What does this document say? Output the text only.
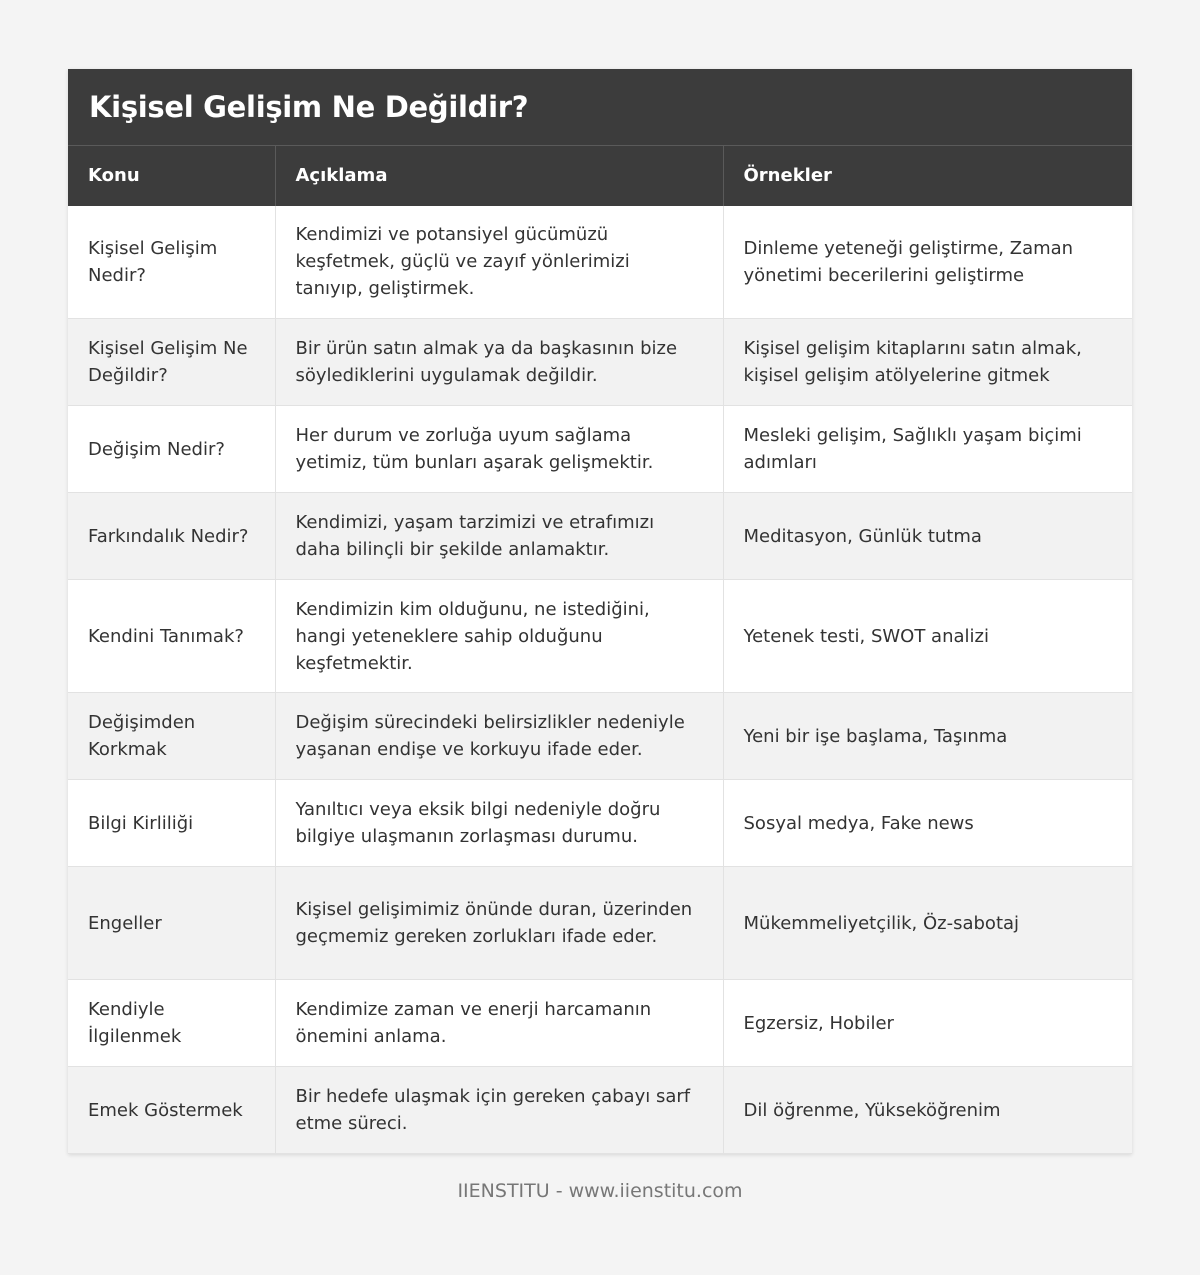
Kişisel Gelişim Ne Değildir?
Konu	Açıklama	Örnekler
Kişisel Gelişim Nedir?	Kendimizi ve potansiyel gücümüzü keşfetmek, güçlü ve zayıf yönlerimizi tanıyıp, geliştirmek.	Dinleme yeteneği geliştirme, Zaman yönetimi becerilerini geliştirme
Kişisel Gelişim Ne Değildir?	Bir ürün satın almak ya da başkasının bize söylediklerini uygulamak değildir.	Kişisel gelişim kitaplarını satın almak, kişisel gelişim atölyelerine gitmek
Değişim Nedir?	Her durum ve zorluğa uyum sağlama yetimiz, tüm bunları aşarak gelişmektir.	Mesleki gelişim, Sağlıklı yaşam biçimi adımları
Farkındalık Nedir?	Kendimizi, yaşam tarzimizi ve etrafımızı daha bilinçli bir şekilde anlamaktır.	Meditasyon, Günlük tutma
Kendini Tanımak?	Kendimizin kim olduğunu, ne istediğini, hangi yeteneklere sahip olduğunu keşfetmektir.	Yetenek testi, SWOT analizi
Değişimden Korkmak	Değişim sürecindeki belirsizlikler nedeniyle yaşanan endişe ve korkuyu ifade eder.	Yeni bir işe başlama, Taşınma
Bilgi Kirliliği	Yanıltıcı veya eksik bilgi nedeniyle doğru bilgiye ulaşmanın zorlaşması durumu.	Sosyal medya, Fake news
Engeller	Kişisel gelişimimiz önünde duran, üzerinden geçmemiz gereken zorlukları ifade eder.	Mükemmeliyetçilik, Öz-sabotaj
Kendiyle İlgilenmek	Kendimize zaman ve enerji harcamanın önemini anlama.	Egzersiz, Hobiler
Emek Göstermek	Bir hedefe ulaşmak için gereken çabayı sarf etme süreci.	Dil öğrenme, Yükseköğrenim
IIENSTITU - www.iienstitu.com
